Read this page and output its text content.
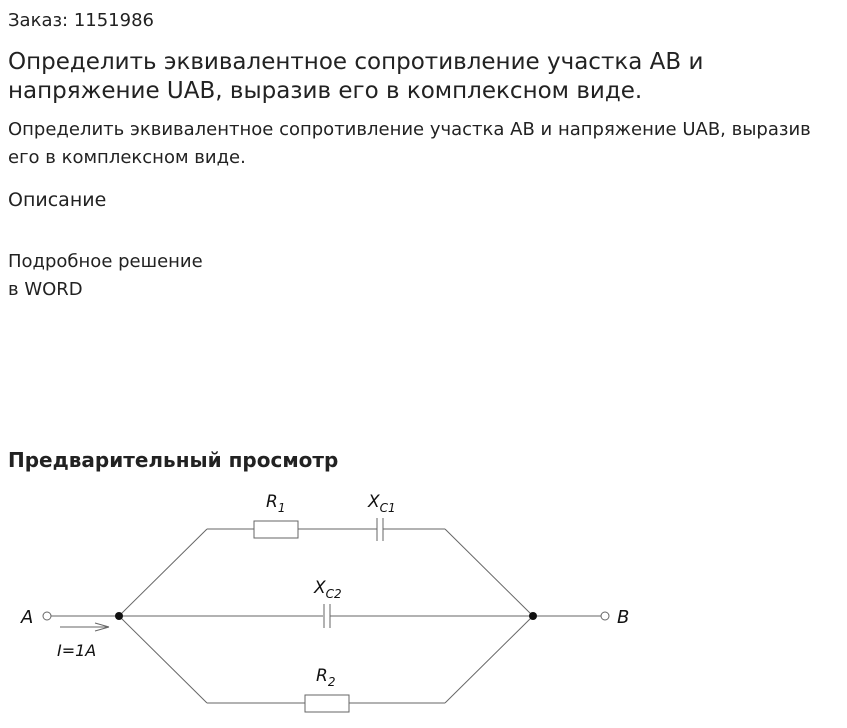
Заказ: 1151986
Определить эквивалентное сопротивление участка AB и напряжение UAB, выразив его в комплексном виде.
Определить эквивалентное сопротивление участка AB и напряжение UAB, выразив его в комплексном виде.
Описание
Подробное решение
в WORD
Предварительный просмотр
A	B
I=1A
$R_1$	$X_{C1}$
$X_{C2}$
$R_2$
